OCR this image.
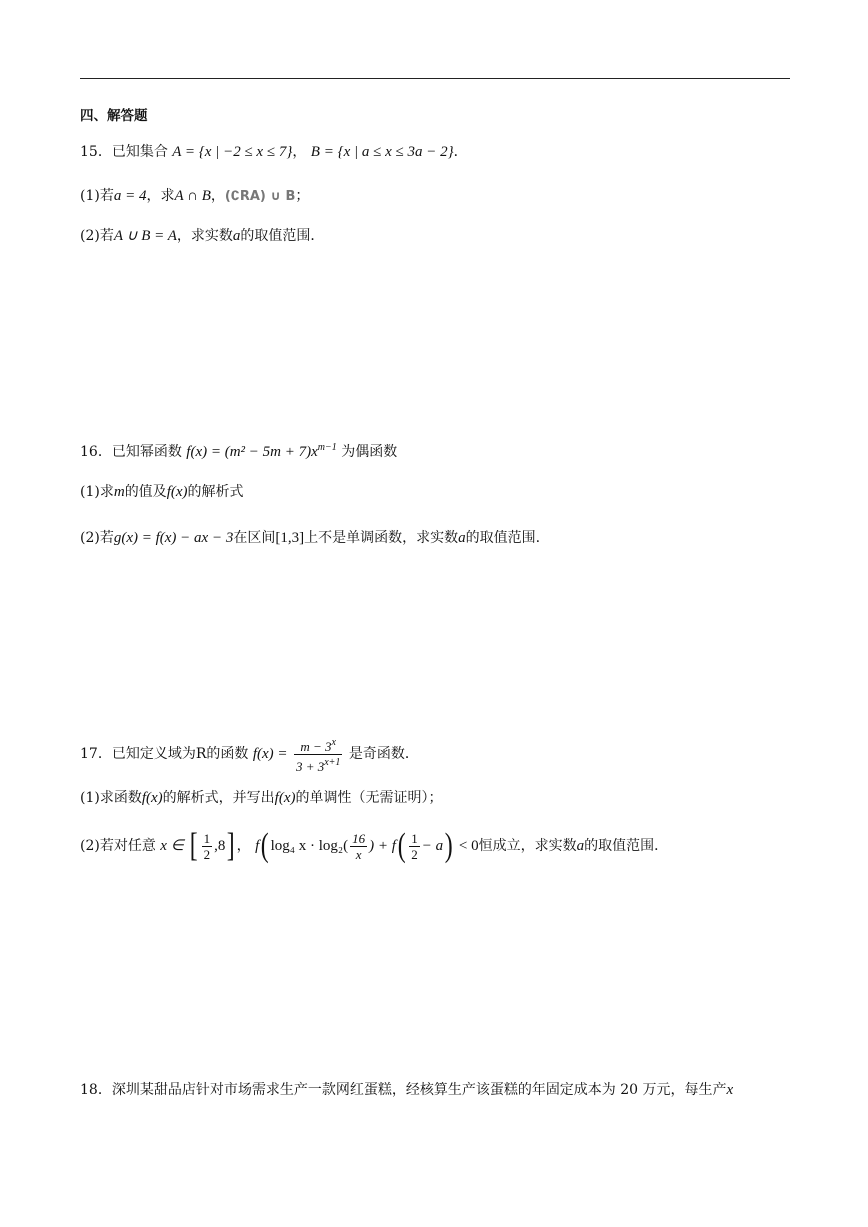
四、解答题
15．已知集合 A = {x | −2 ≤ x ≤ 7}， B = {x | a ≤ x ≤ 3a − 2}．
(1)若a = 4，求A ∩ B，(∁RA) ∪ B；
(2)若A ∪ B = A，求实数a的取值范围．
16．已知幂函数 $f(x) = (m^2 - 5m + 7)x^{m-1}$ 为偶函数
(1)求m的值及f(x)的解析式
(2)若g(x) = f(x) − ax − 3在区间[1,3]上不是单调函数，求实数a的取值范围.
17．已知定义域为R的函数 $f(x) = \frac{m - 3^x}{3 + 3^{x+1}}$ 是奇函数．
(1)求函数f(x)的解析式，并写出f(x)的单调性（无需证明）；
(2)若对任意 x ∈ [ $\frac{1}{2} ,8$] ， f( log₄ $x \cdot \log_2( \frac{16}{x}$ ) + $f( \frac{1}{2} - a) < 0$恒成立，求实数a的取值范围．
18．深圳某甜品店针对市场需求生产一款网红蛋糕，经核算生产该蛋糕的年固定成本为 20 万元，每生产x
